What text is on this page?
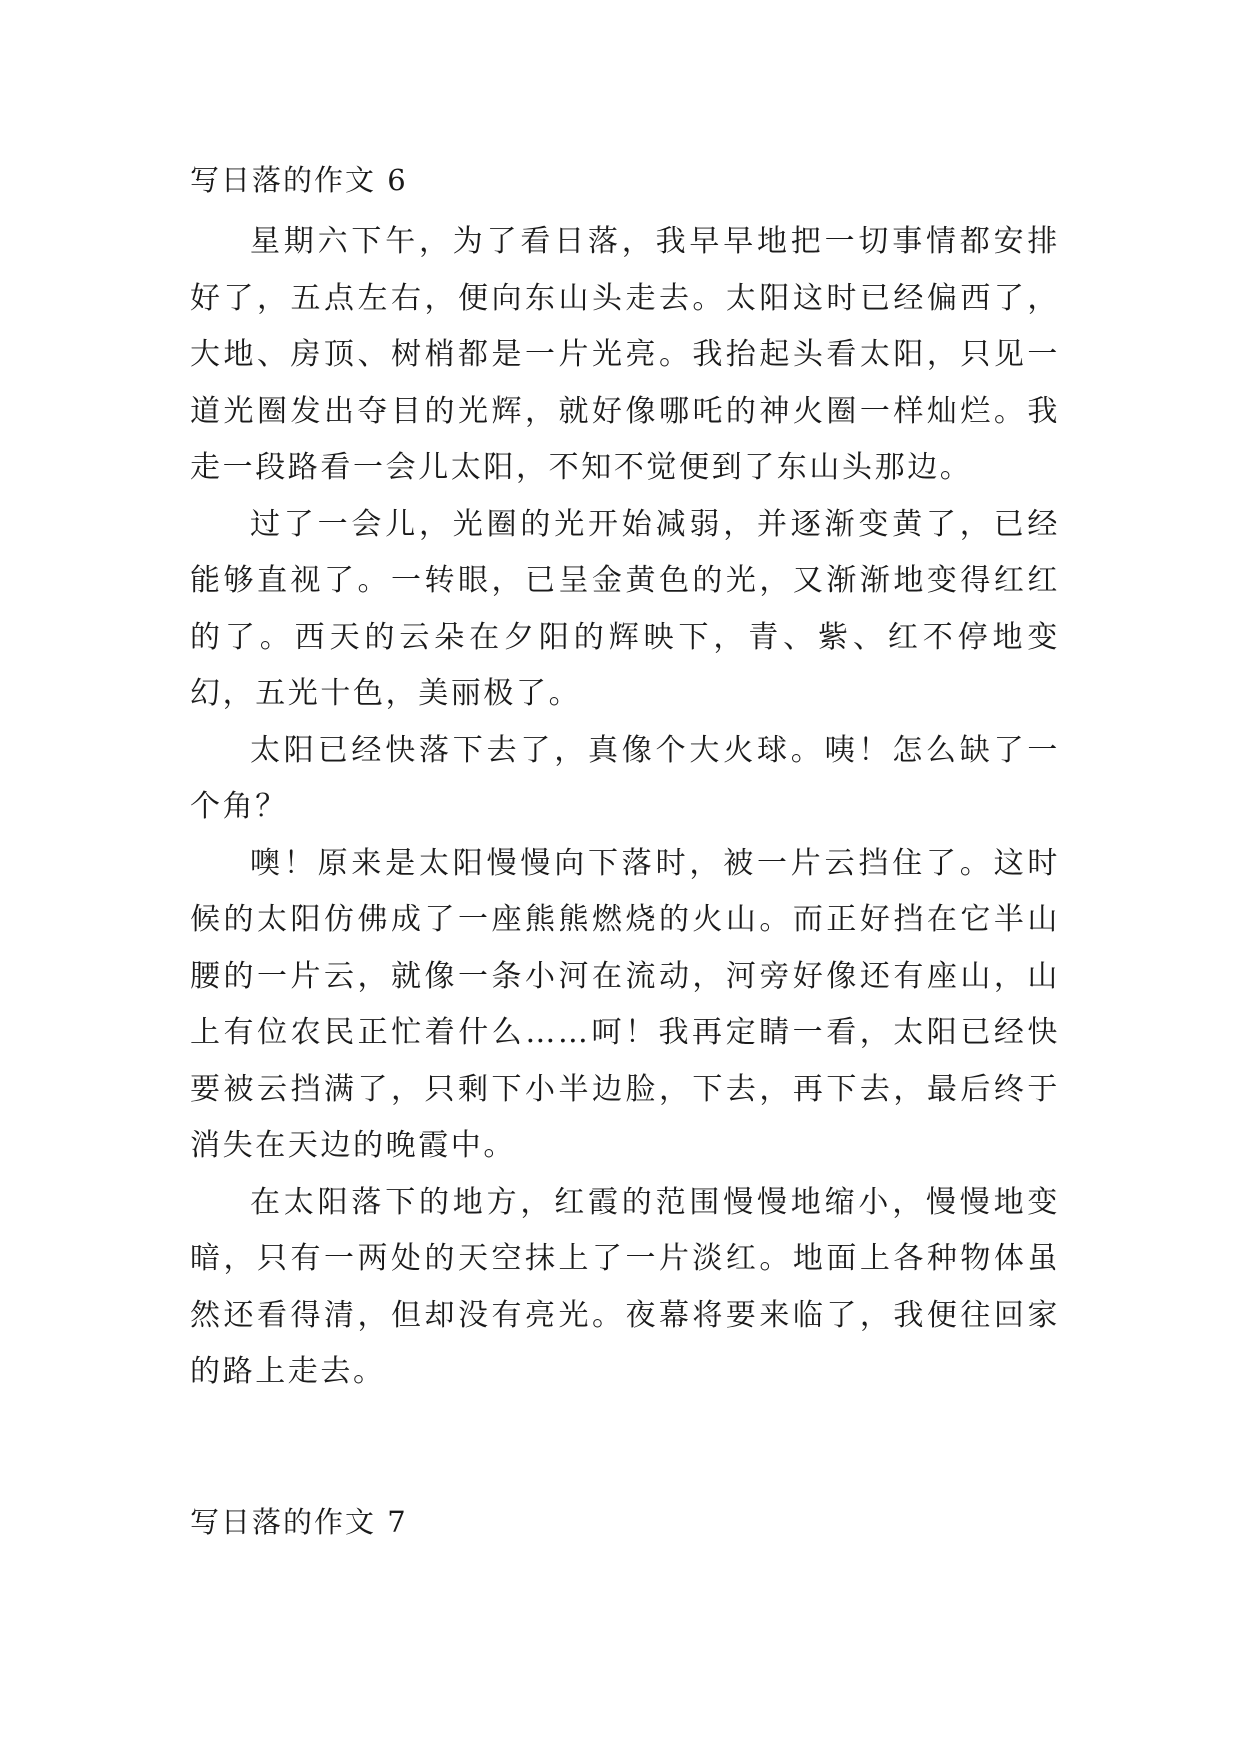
写日落的作文 6

星期六下午，为了看日落，我早早地把一切事情都安排好了，五点左右，便向东山头走去。太阳这时已经偏西了，大地、房顶、树梢都是一片光亮。我抬起头看太阳，只见一道光圈发出夺目的光辉，就好像哪吒的神火圈一样灿烂。我走一段路看一会儿太阳，不知不觉便到了东山头那边。

过了一会儿，光圈的光开始减弱，并逐渐变黄了，已经能够直视了。一转眼，已呈金黄色的光，又渐渐地变得红红的了。西天的云朵在夕阳的辉映下，青、紫、红不停地变幻，五光十色，美丽极了。

太阳已经快落下去了，真像个大火球。咦！怎么缺了一个角？

噢！原来是太阳慢慢向下落时，被一片云挡住了。这时候的太阳仿佛成了一座熊熊燃烧的火山。而正好挡在它半山腰的一片云，就像一条小河在流动，河旁好像还有座山，山上有位农民正忙着什么……呵！我再定睛一看，太阳已经快要被云挡满了，只剩下小半边脸，下去，再下去，最后终于消失在天边的晚霞中。

在太阳落下的地方，红霞的范围慢慢地缩小，慢慢地变暗，只有一两处的天空抹上了一片淡红。地面上各种物体虽然还看得清，但却没有亮光。夜幕将要来临了，我便往回家的路上走去。

写日落的作文 7
